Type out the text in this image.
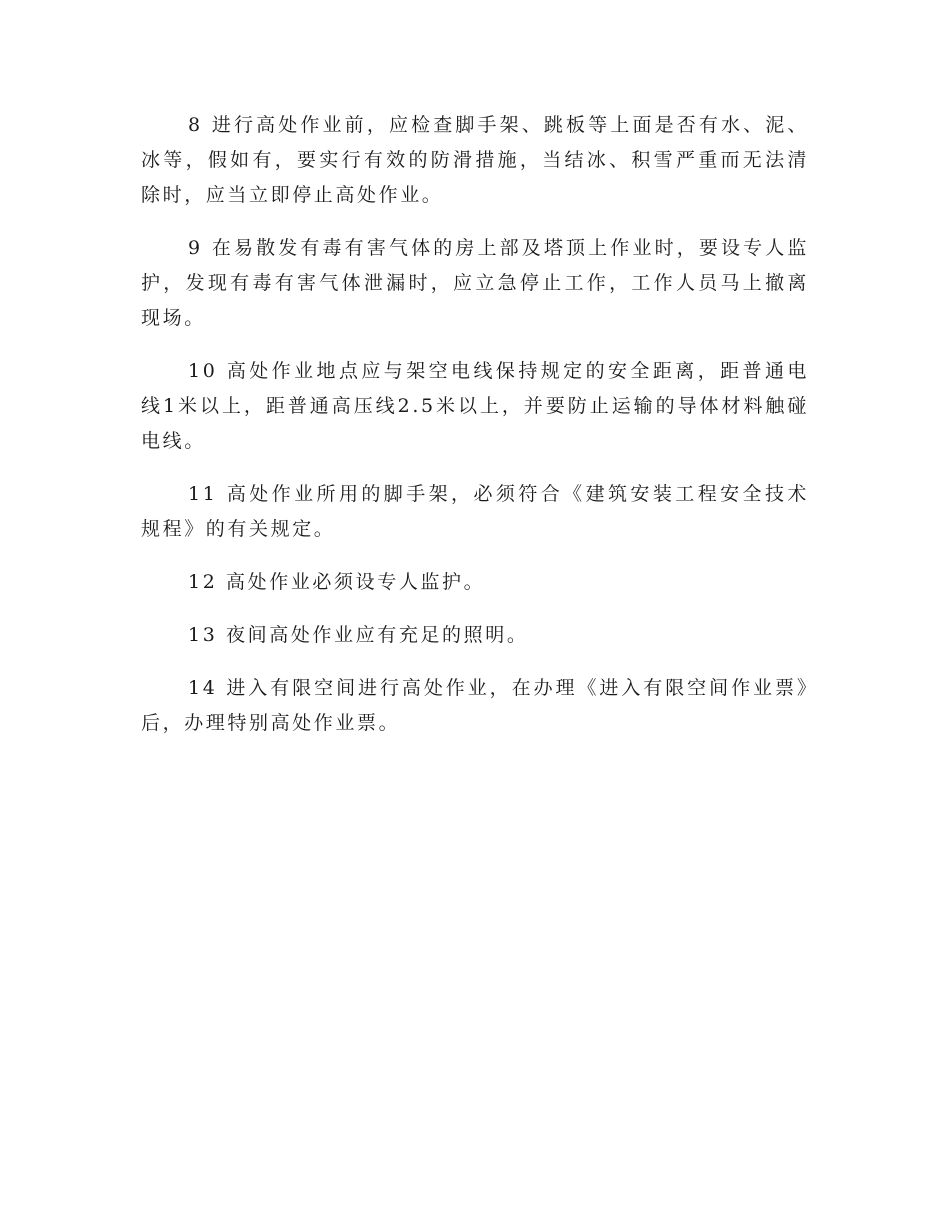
8 进行高处作业前，应检查脚手架、跳板等上面是否有水、泥、冰等，假如有，要实行有效的防滑措施，当结冰、积雪严重而无法清除时，应当立即停止高处作业。

9 在易散发有毒有害气体的房上部及塔顶上作业时，要设专人监护，发现有毒有害气体泄漏时，应立急停止工作，工作人员马上撤离现场。

10 高处作业地点应与架空电线保持规定的安全距离，距普通电线1米以上，距普通高压线2.5米以上，并要防止运输的导体材料触碰电线。

11 高处作业所用的脚手架，必须符合《建筑安装工程安全技术规程》的有关规定。

12 高处作业必须设专人监护。

13 夜间高处作业应有充足的照明。

14 进入有限空间进行高处作业，在办理《进入有限空间作业票》后，办理特别高处作业票。
